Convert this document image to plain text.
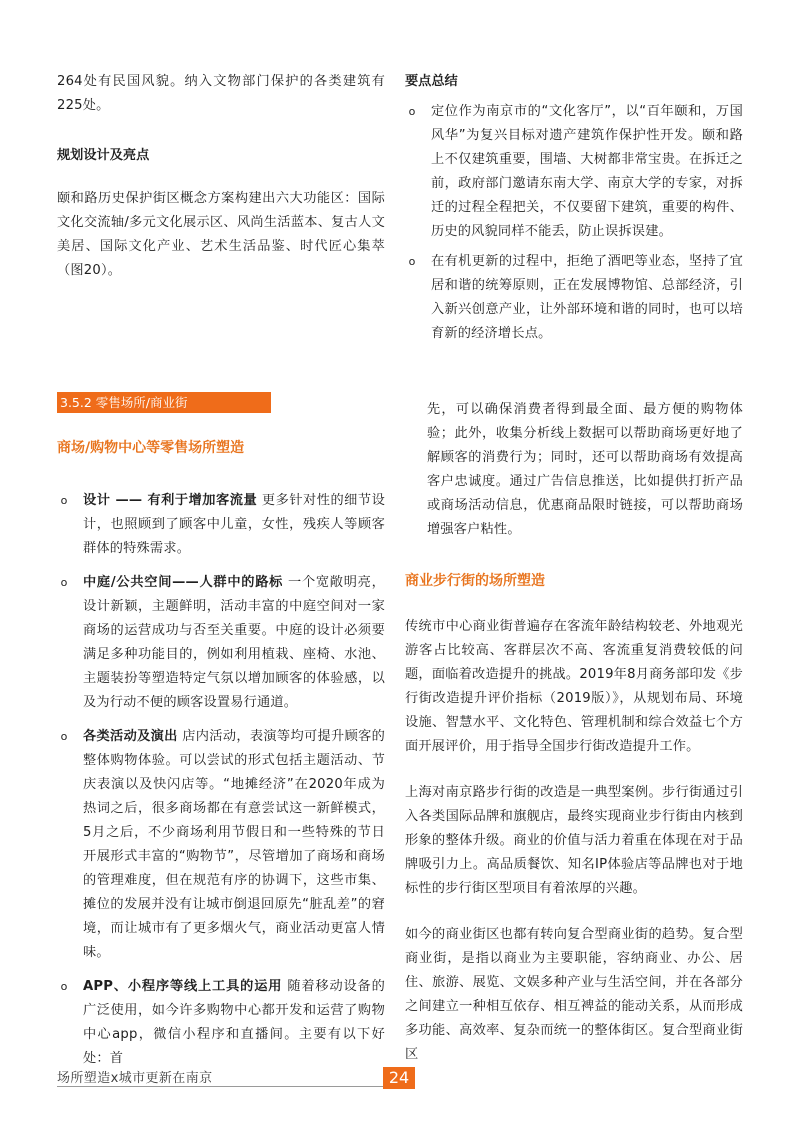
264处有民国风貌。纳入文物部门保护的各类建筑有225处。

规划设计及亮点

颐和路历史保护街区概念方案构建出六大功能区：国际文化交流轴/多元文化展示区、风尚生活蓝本、复古人文美居、国际文化产业、艺术生活品鉴、时代匠心集萃（图20）。

3.5.2 零售场所/商业街

商场/购物中心等零售场所塑造

o 设计 —— 有利于增加客流量 更多针对性的细节设计，也照顾到了顾客中儿童，女性，残疾人等顾客群体的特殊需求。

o 中庭/公共空间——人群中的路标 一个宽敞明亮，设计新颖，主题鲜明，活动丰富的中庭空间对一家商场的运营成功与否至关重要。中庭的设计必须要满足多种功能目的，例如利用植栽、座椅、水池、主题装扮等塑造特定气氛以增加顾客的体验感，以及为行动不便的顾客设置易行通道。

o 各类活动及演出 店内活动，表演等均可提升顾客的整体购物体验。可以尝试的形式包括主题活动、节庆表演以及快闪店等。“地摊经济”在2020年成为热词之后，很多商场都在有意尝试这一新鲜模式，5月之后，不少商场利用节假日和一些特殊的节日开展形式丰富的“购物节”，尽管增加了商场和商场的管理难度，但在规范有序的协调下，这些市集、摊位的发展并没有让城市倒退回原先“脏乱差”的窘境，而让城市有了更多烟火气，商业活动更富人情味。

o APP、小程序等线上工具的运用 随着移动设备的广泛使用，如今许多购物中心都开发和运营了购物中心app，微信小程序和直播间。主要有以下好处：首

要点总结

o 定位作为南京市的“文化客厅”，以“百年颐和，万国风华”为复兴目标对遗产建筑作保护性开发。颐和路上不仅建筑重要，围墙、大树都非常宝贵。在拆迁之前，政府部门邀请东南大学、南京大学的专家，对拆迁的过程全程把关，不仅要留下建筑，重要的构件、历史的风貌同样不能丢，防止误拆误建。

o 在有机更新的过程中，拒绝了酒吧等业态，坚持了宜居和谐的统筹原则，正在发展博物馆、总部经济，引入新兴创意产业，让外部环境和谐的同时，也可以培育新的经济增长点。

先，可以确保消费者得到最全面、最方便的购物体验；此外，收集分析线上数据可以帮助商场更好地了解顾客的消费行为；同时，还可以帮助商场有效提高客户忠诚度。通过广告信息推送，比如提供打折产品或商场活动信息，优惠商品限时链接，可以帮助商场增强客户粘性。

商业步行街的场所塑造

传统市中心商业街普遍存在客流年龄结构较老、外地观光游客占比较高、客群层次不高、客流重复消费较低的问题，面临着改造提升的挑战。2019年8月商务部印发《步行街改造提升评价指标（2019版）》，从规划布局、环境设施、智慧水平、文化特色、管理机制和综合效益七个方面开展评价，用于指导全国步行街改造提升工作。

上海对南京路步行街的改造是一典型案例。步行街通过引入各类国际品牌和旗舰店，最终实现商业步行街由内核到形象的整体升级。商业的价值与活力着重在体现在对于品牌吸引力上。高品质餐饮、知名IP体验店等品牌也对于地标性的步行街区型项目有着浓厚的兴趣。

如今的商业街区也都有转向复合型商业街的趋势。复合型商业街，是指以商业为主要职能，容纳商业、办公、居住、旅游、展览、文娱多种产业与生活空间，并在各部分之间建立一种相互依存、相互裨益的能动关系，从而形成多功能、高效率、复杂而统一的整体街区。复合型商业街区

场所塑造x城市更新在南京	24
